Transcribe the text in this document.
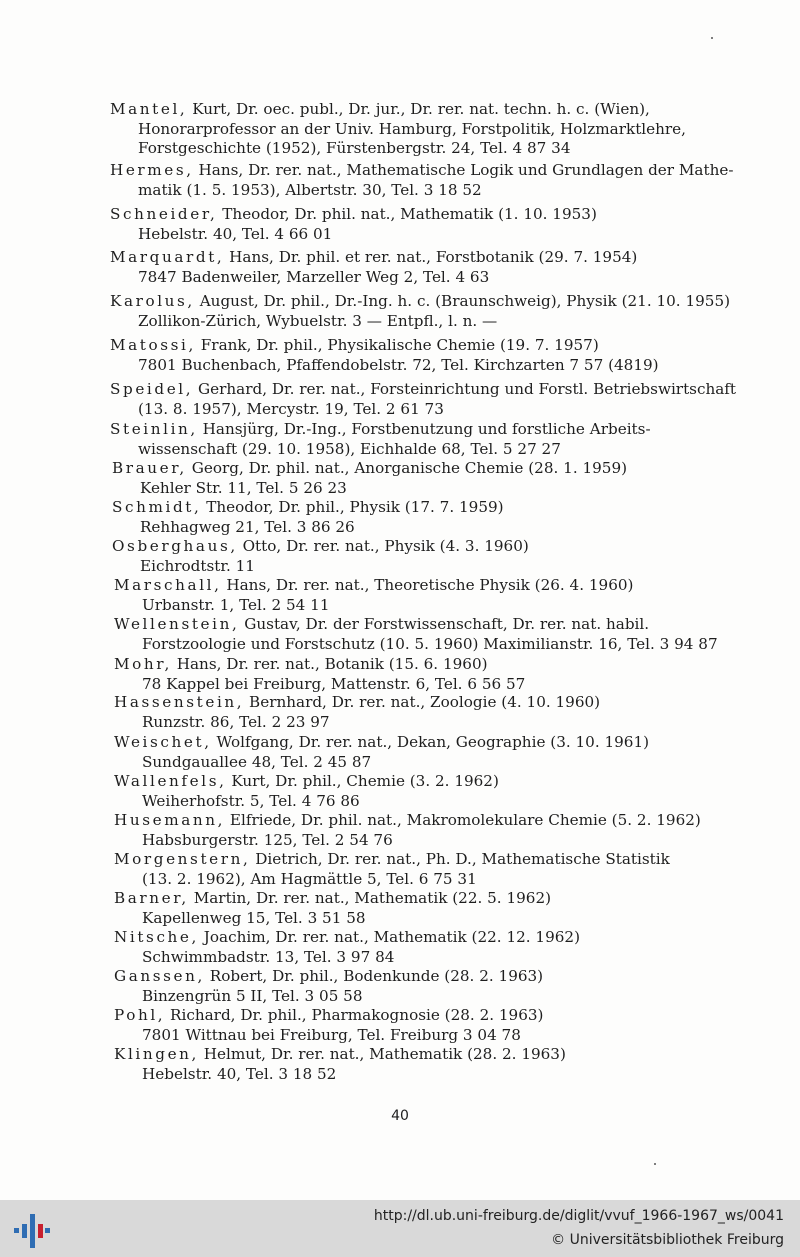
Mantel, Kurt, Dr. oec. publ., Dr. jur., Dr. rer. nat. techn. h. c. (Wien),
Honorarprofessor an der Univ. Hamburg, Forstpolitik, Holzmarktlehre,
Forstgeschichte (1952), Fürstenbergstr. 24, Tel. 4 87 34
Hermes, Hans, Dr. rer. nat., Mathematische Logik und Grundlagen der Mathe-
matik (1. 5. 1953), Albertstr. 30, Tel. 3 18 52
Schneider, Theodor, Dr. phil. nat., Mathematik (1. 10. 1953)
Hebelstr. 40, Tel. 4 66 01
Marquardt, Hans, Dr. phil. et rer. nat., Forstbotanik (29. 7. 1954)
7847 Badenweiler, Marzeller Weg 2, Tel. 4 63
Karolus, August, Dr. phil., Dr.-Ing. h. c. (Braunschweig), Physik (21. 10. 1955)
Zollikon-Zürich, Wybuelstr. 3 — Entpfl., l. n. —
Matossi, Frank, Dr. phil., Physikalische Chemie (19. 7. 1957)
7801 Buchenbach, Pfaffendobelstr. 72, Tel. Kirchzarten 7 57 (4819)
Speidel, Gerhard, Dr. rer. nat., Forsteinrichtung und Forstl. Betriebswirtschaft
(13. 8. 1957), Mercystr. 19, Tel. 2 61 73
Steinlin, Hansjürg, Dr.-Ing., Forstbenutzung und forstliche Arbeits-
wissenschaft (29. 10. 1958), Eichhalde 68, Tel. 5 27 27
Brauer, Georg, Dr. phil. nat., Anorganische Chemie (28. 1. 1959)
Kehler Str. 11, Tel. 5 26 23
Schmidt, Theodor, Dr. phil., Physik (17. 7. 1959)
Rehhagweg 21, Tel. 3 86 26
Osberghaus, Otto, Dr. rer. nat., Physik (4. 3. 1960)
Eichrodtstr. 11
Marschall, Hans, Dr. rer. nat., Theoretische Physik (26. 4. 1960)
Urbanstr. 1, Tel. 2 54 11
Wellenstein, Gustav, Dr. der Forstwissenschaft, Dr. rer. nat. habil.
Forstzoologie und Forstschutz (10. 5. 1960) Maximilianstr. 16, Tel. 3 94 87
Mohr, Hans, Dr. rer. nat., Botanik (15. 6. 1960)
78 Kappel bei Freiburg, Mattenstr. 6, Tel. 6 56 57
Hassenstein, Bernhard, Dr. rer. nat., Zoologie (4. 10. 1960)
Runzstr. 86, Tel. 2 23 97
Weischet, Wolfgang, Dr. rer. nat., Dekan, Geographie (3. 10. 1961)
Sundgauallee 48, Tel. 2 45 87
Wallenfels, Kurt, Dr. phil., Chemie (3. 2. 1962)
Weiherhofstr. 5, Tel. 4 76 86
Husemann, Elfriede, Dr. phil. nat., Makromolekulare Chemie (5. 2. 1962)
Habsburgerstr. 125, Tel. 2 54 76
Morgenstern, Dietrich, Dr. rer. nat., Ph. D., Mathematische Statistik
(13. 2. 1962), Am Hagmättle 5, Tel. 6 75 31
Barner, Martin, Dr. rer. nat., Mathematik (22. 5. 1962)
Kapellenweg 15, Tel. 3 51 58
Nitsche, Joachim, Dr. rer. nat., Mathematik (22. 12. 1962)
Schwimmbadstr. 13, Tel. 3 97 84
Ganssen, Robert, Dr. phil., Bodenkunde (28. 2. 1963)
Binzengrün 5 II, Tel. 3 05 58
Pohl, Richard, Dr. phil., Pharmakognosie (28. 2. 1963)
7801 Wittnau bei Freiburg, Tel. Freiburg 3 04 78
Klingen, Helmut, Dr. rer. nat., Mathematik (28. 2. 1963)
Hebelstr. 40, Tel. 3 18 52
40
http://dl.ub.uni-freiburg.de/diglit/vvuf_1966-1967_ws/0041
© Universitätsbibliothek Freiburg
